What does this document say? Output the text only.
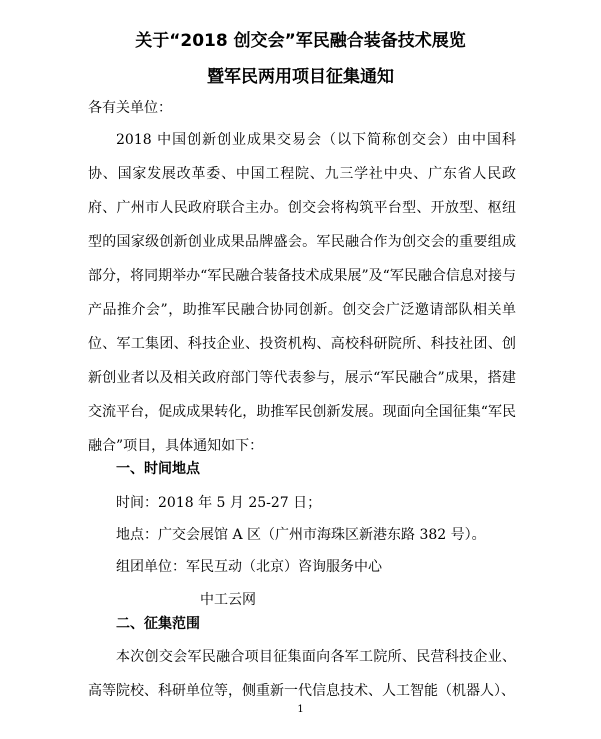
关于“2018 创交会”军民融合装备技术展览
暨军民两用项目征集通知
各有关单位：
2018 中国创新创业成果交易会（以下简称创交会）由中国科协、国家发展改革委、中国工程院、九三学社中央、广东省人民政府、广州市人民政府联合主办。创交会将构筑平台型、开放型、枢纽型的国家级创新创业成果品牌盛会。军民融合作为创交会的重要组成部分，将同期举办“军民融合装备技术成果展”及“军民融合信息对接与产品推介会”，助推军民融合协同创新。创交会广泛邀请部队相关单位、军工集团、科技企业、投资机构、高校科研院所、科技社团、创新创业者以及相关政府部门等代表参与，展示“军民融合”成果，搭建交流平台，促成成果转化，助推军民创新发展。现面向全国征集“军民融合”项目，具体通知如下：
一、时间地点
时间：2018 年 5 月 25-27 日；
地点：广交会展馆 A 区（广州市海珠区新港东路 382 号）。
组团单位：军民互动（北京）咨询服务中心
中工云网
二、征集范围
本次创交会军民融合项目征集面向各军工院所、民营科技企业、高等院校、科研单位等，侧重新一代信息技术、人工智能（机器人）、
1
